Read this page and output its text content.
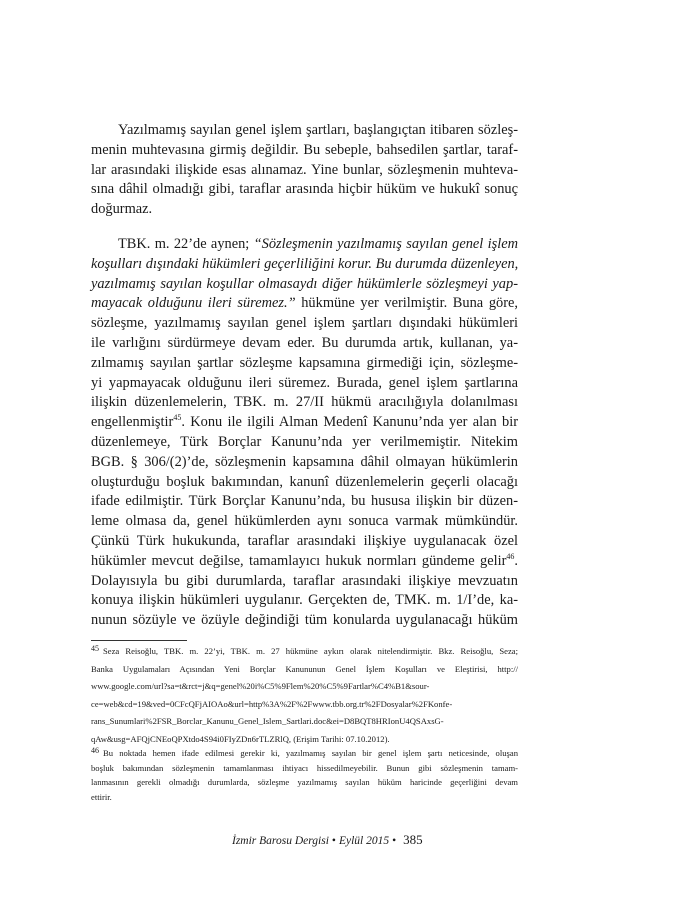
Yazılmamış sayılan genel işlem şartları, başlangıçtan itibaren sözleş-
menin muhtevasına girmiş değildir. Bu sebeple, bahsedilen şartlar, taraf-
lar arasındaki ilişkide esas alınamaz. Yine bunlar, sözleşmenin muhteva-
sına dâhil olmadığı gibi, taraflar arasında hiçbir hüküm ve hukukî sonuç
doğurmaz.
TBK. m. 22’de aynen; “Sözleşmenin yazılmamış sayılan genel işlem
koşulları dışındaki hükümleri geçerliliğini korur. Bu durumda düzenleyen,
yazılmamış sayılan koşullar olmasaydı diğer hükümlerle sözleşmeyi yap-
mayacak olduğunu ileri süremez.” hükmüne yer verilmiştir. Buna göre,
sözleşme, yazılmamış sayılan genel işlem şartları dışındaki hükümleri
ile varlığını sürdürmeye devam eder. Bu durumda artık, kullanan, ya-
zılmamış sayılan şartlar sözleşme kapsamına girmediği için, sözleşme-
yi yapmayacak olduğunu ileri süremez. Burada, genel işlem şartlarına
ilişkin düzenlemelerin, TBK. m. 27/II hükmü aracılığıyla dolanılması
engellenmiştir$^{45}$. Konu ile ilgili Alman Medenî Kanunu’nda yer alan bir
düzenlemeye, Türk Borçlar Kanunu’nda yer verilmemiştir. Nitekim
BGB. § 306/(2)’de, sözleşmenin kapsamına dâhil olmayan hükümlerin
oluşturduğu boşluk bakımından, kanunî düzenlemelerin geçerli olacağı
ifade edilmiştir. Türk Borçlar Kanunu’nda, bu hususa ilişkin bir düzen-
leme olmasa da, genel hükümlerden aynı sonuca varmak mümkündür.
Çünkü Türk hukukunda, taraflar arasındaki ilişkiye uygulanacak özel
hükümler mevcut değilse, tamamlayıcı hukuk normları gündeme gelir$^{46}$.
Dolayısıyla bu gibi durumlarda, taraflar arasındaki ilişkiye mevzuatın
konuya ilişkin hükümleri uygulanır. Gerçekten de, TMK. m. 1/I’de, ka-
nunun sözüyle ve özüyle değindiği tüm konularda uygulanacağı hüküm
45 Seza Reisoğlu, TBK. m. 22’yi, TBK. m. 27 hükmüne aykırı olarak nitelendirmiştir. Bkz. Reisoğlu, Seza;
Banka Uygulamaları Açısından Yeni Borçlar Kanununun Genel İşlem Koşulları ve Eleştirisi, http://
www.google.com/url?sa=t&rct=j&q=genel%20i%C5%9Flem%20%C5%9Fartlar%C4%B1&sour-
ce=web&cd=19&ved=0CFcQFjAIOAo&url=http%3A%2F%2Fwww.tbb.org.tr%2FDosyalar%2FKonfe-
rans_Sunumlari%2FSR_Borclar_Kanunu_Genel_Islem_Sartlari.doc&ei=D8BQT8HRIonU4QSAxsG-
qAw&usg=AFQjCNEoQPXtdo4S94i0FIyZDn6rTLZRlQ, (Erişim Tarihi: 07.10.2012).
46 Bu noktada hemen ifade edilmesi gerekir ki, yazılmamış sayılan bir genel işlem şartı neticesinde, oluşan
boşluk bakımından sözleşmenin tamamlanması ihtiyacı hissedilmeyebilir. Bunun gibi sözleşmenin tamam-
lanmasının gerekli olmadığı durumlarda, sözleşme yazılmamış sayılan hüküm haricinde geçerliğini devam
ettirir.
İzmir Barosu Dergisi • Eylül 2015 • 385
